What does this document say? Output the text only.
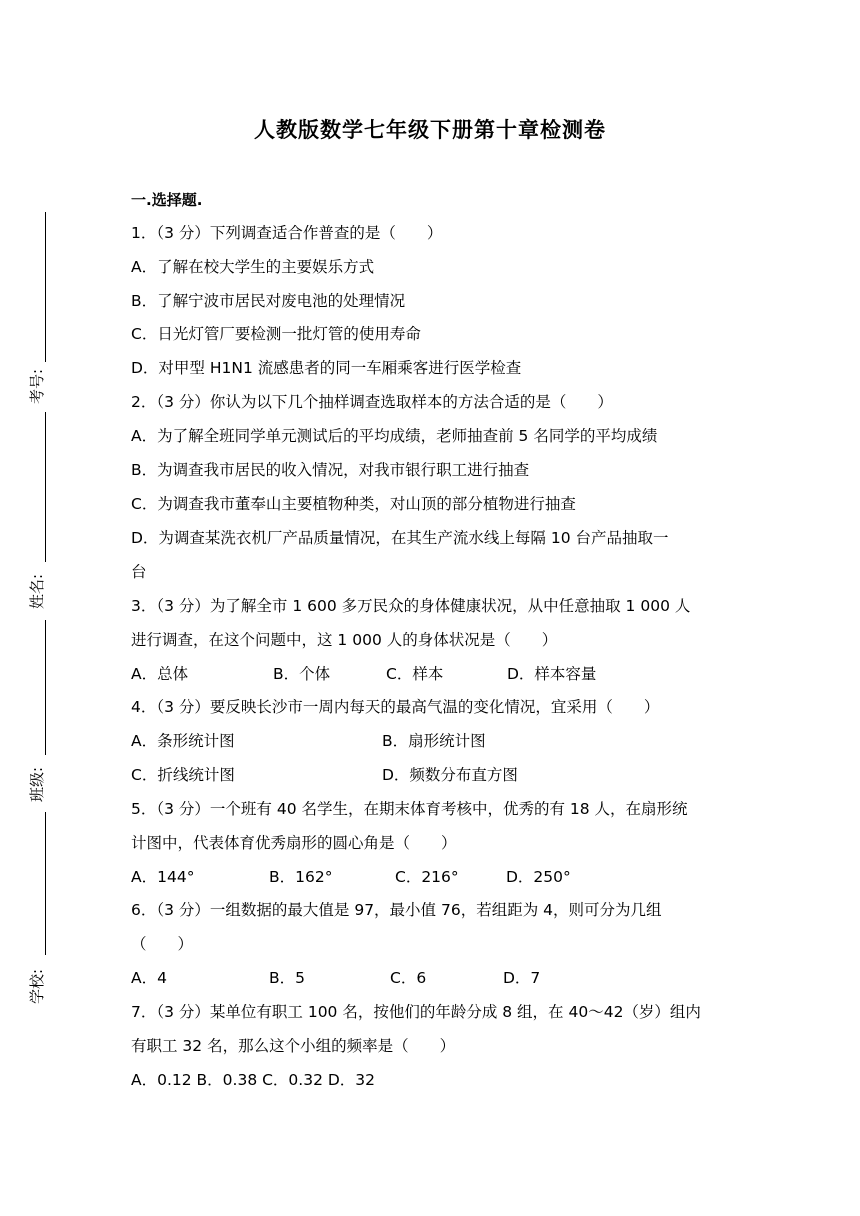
考号:
姓名:
班级:
学校:
人教版数学七年级下册第十章检测卷
一.选择题.
1．（3 分）下列调查适合作普查的是（　　）
A．了解在校大学生的主要娱乐方式
B．了解宁波市居民对废电池的处理情况
C．日光灯管厂要检测一批灯管的使用寿命
D．对甲型 H1N1 流感患者的同一车厢乘客进行医学检查
2．（3 分）你认为以下几个抽样调查选取样本的方法合适的是（　　）
A．为了解全班同学单元测试后的平均成绩，老师抽查前 5 名同学的平均成绩
B．为调查我市居民的收入情况，对我市银行职工进行抽查
C．为调查我市董奉山主要植物种类，对山顶的部分植物进行抽查
D．为调查某洗衣机厂产品质量情况，在其生产流水线上每隔 10 台产品抽取一
台
3．（3 分）为了解全市 1 600 多万民众的身体健康状况，从中任意抽取 1 000 人
进行调查，在这个问题中，这 1 000 人的身体状况是（　　）
A．总体	B．个体	C．样本	D．样本容量
4．（3 分）要反映长沙市一周内每天的最高气温的变化情况，宜采用（　　）
A．条形统计图	B．扇形统计图
C．折线统计图	D．频数分布直方图
5．（3 分）一个班有 40 名学生，在期末体育考核中，优秀的有 18 人，在扇形统
计图中，代表体育优秀扇形的圆心角是（　　）
A．144°	B．162°	C．216°	D．250°
6．（3 分）一组数据的最大值是 97，最小值 76，若组距为 4，则可分为几组
（　　）
A．4	B．5	C．6	D．7
7．（3 分）某单位有职工 100 名，按他们的年龄分成 8 组，在 40～42（岁）组内
有职工 32 名，那么这个小组的频率是（　　）
A．0.12 B．0.38 C．0.32 D．32
